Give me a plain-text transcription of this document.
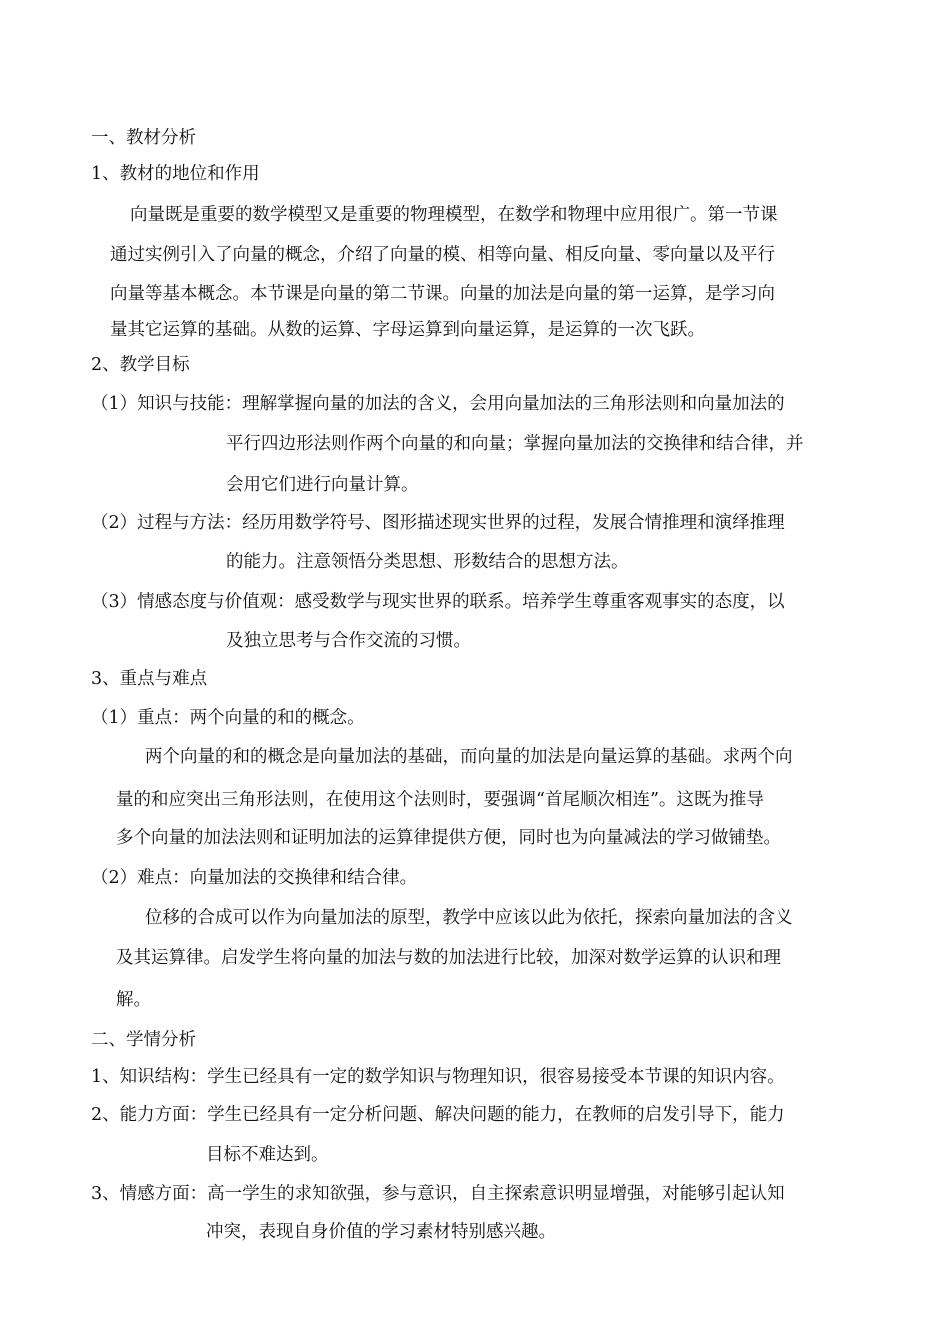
一、教材分析
1、教材的地位和作用
向量既是重要的数学模型又是重要的物理模型，在数学和物理中应用很广。第一节课
通过实例引入了向量的概念，介绍了向量的模、相等向量、相反向量、零向量以及平行
向量等基本概念。本节课是向量的第二节课。向量的加法是向量的第一运算，是学习向
量其它运算的基础。从数的运算、字母运算到向量运算，是运算的一次飞跃。
2、教学目标
（1）知识与技能：理解掌握向量的加法的含义，会用向量加法的三角形法则和向量加法的
平行四边形法则作两个向量的和向量；掌握向量加法的交换律和结合律，并
会用它们进行向量计算。
（2）过程与方法：经历用数学符号、图形描述现实世界的过程，发展合情推理和演绎推理
的能力。注意领悟分类思想、形数结合的思想方法。
（3）情感态度与价值观：感受数学与现实世界的联系。培养学生尊重客观事实的态度，以
及独立思考与合作交流的习惯。
3、重点与难点
（1）重点：两个向量的和的概念。
两个向量的和的概念是向量加法的基础，而向量的加法是向量运算的基础。求两个向
量的和应突出三角形法则，在使用这个法则时，要强调“首尾顺次相连”。这既为推导
多个向量的加法法则和证明加法的运算律提供方便，同时也为向量减法的学习做铺垫。
（2）难点：向量加法的交换律和结合律。
位移的合成可以作为向量加法的原型，教学中应该以此为依托，探索向量加法的含义
及其运算律。启发学生将向量的加法与数的加法进行比较，加深对数学运算的认识和理
解。
二、学情分析
1、知识结构：学生已经具有一定的数学知识与物理知识，很容易接受本节课的知识内容。
2、能力方面：学生已经具有一定分析问题、解决问题的能力，在教师的启发引导下，能力
目标不难达到。
3、情感方面：高一学生的求知欲强，参与意识，自主探索意识明显增强，对能够引起认知
冲突，表现自身价值的学习素材特别感兴趣。
